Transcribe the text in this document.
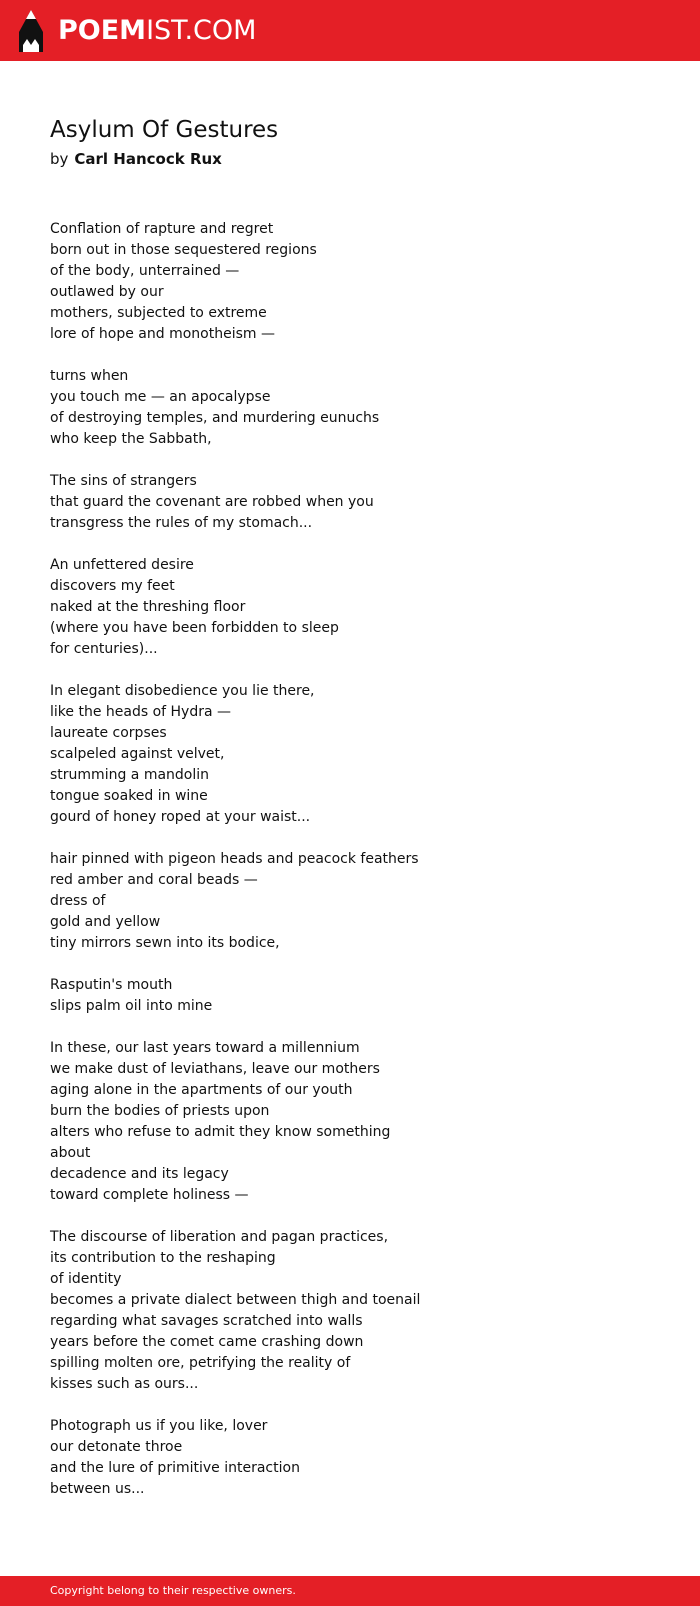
POEMIST.COM
Asylum Of Gestures
by Carl Hancock Rux
Conflation of rapture and regret
born out in those sequestered regions
of the body, unterrained —
outlawed by our
mothers, subjected to extreme
lore of hope and monotheism —
turns when
you touch me — an apocalypse
of destroying temples, and murdering eunuchs
who keep the Sabbath,
The sins of strangers
that guard the covenant are robbed when you
transgress the rules of my stomach...
An unfettered desire
discovers my feet
naked at the threshing floor
(where you have been forbidden to sleep
for centuries)...
In elegant disobedience you lie there,
like the heads of Hydra —
laureate corpses
scalpeled against velvet,
strumming a mandolin
tongue soaked in wine
gourd of honey roped at your waist...
hair pinned with pigeon heads and peacock feathers
red amber and coral beads —
dress of
gold and yellow
tiny mirrors sewn into its bodice,
Rasputin's mouth
slips palm oil into mine
In these, our last years toward a millennium
we make dust of leviathans, leave our mothers
aging alone in the apartments of our youth
burn the bodies of priests upon
alters who refuse to admit they know something
about
decadence and its legacy
toward complete holiness —
The discourse of liberation and pagan practices,
its contribution to the reshaping
of identity
becomes a private dialect between thigh and toenail
regarding what savages scratched into walls
years before the comet came crashing down
spilling molten ore, petrifying the reality of
kisses such as ours...
Photograph us if you like, lover
our detonate throe
and the lure of primitive interaction
between us...
Copyright belong to their respective owners.
